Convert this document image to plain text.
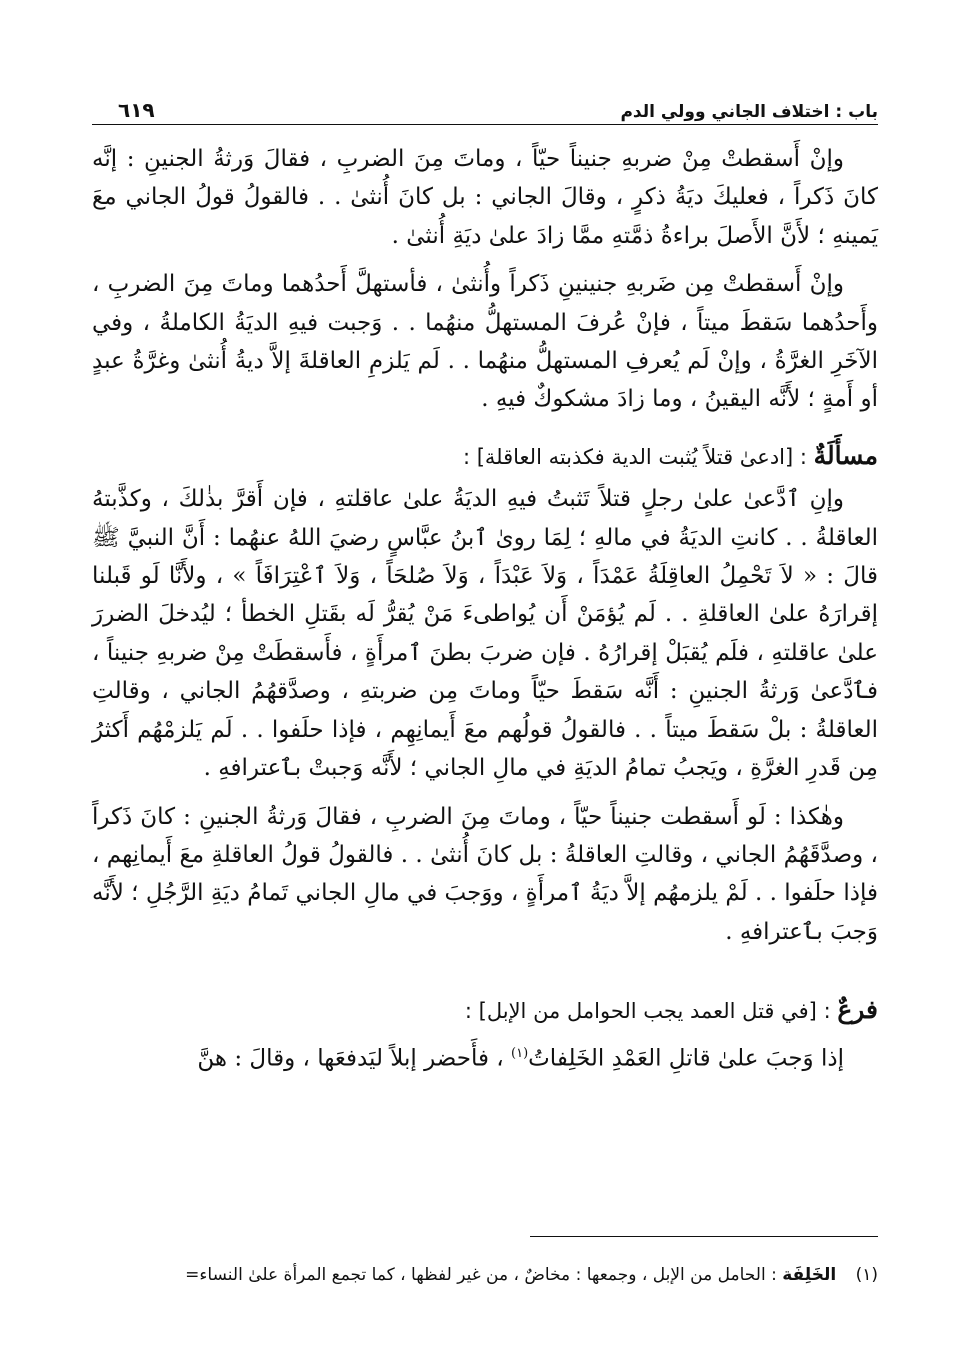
باب : اختلاف الجاني وولي الدم
٦١٩

وإنْ أَسقطتْ مِنْ ضربهِ جنيناً حيّاً ، وماتَ مِنَ الضربِ ، فقالَ وَرثةُ الجنينِ : إنَّه كانَ ذَكراً ، فعليكَ ديَةُ ذكرٍ ، وقالَ الجاني : بل كانَ أُنثىٰ . . فالقولُ قولُ الجاني معَ يَمينهِ ؛ لأَنَّ الأَصلَ براءةُ ذمَّتهِ ممَّا زادَ علىٰ ديَةِ أُنثىٰ .

وإنْ أَسقطتْ مِن ضَربهِ جنينينِ ذَكراً وأُنثىٰ ، فأستهلَّ أَحدُهما وماتَ مِنَ الضربِ ، وأَحدُهما سَقطَ ميتاً ، فإنْ عُرفَ المستهلُّ منهُما . . وَجبت فيهِ الديَةُ الكاملةُ ، وفي الآخَرِ الغرَّةُ ، وإنْ لَم يُعرفِ المستهلُّ منهُما . . لَم يَلزمِ العاقلةَ إلاَّ ديةُ أُنثىٰ وغرَّةُ عبدٍ أو أَمةٍ ؛ لأَنَّه اليقينُ ، وما زادَ مشكوكٌ فيهِ .

مسأَلَةٌ : [ادعىٰ قتلاً يُثبت الدية فكذبته العاقلة] :

وإنِ ٱدَّعىٰ علىٰ رجلٍ قتلاً تَثبتُ فيهِ الديَةُ علىٰ عاقلتهِ ، فإن أَقرَّ بذٰلكَ ، وكذَّبتهُ العاقلةُ . . كانتِ الديَةُ في مالهِ ؛ لِمَا روىٰ ٱبنُ عبَّاسٍ رضيَ اللهُ عنهُما : أَنَّ النبيَّ ﷺ قالَ : « لاَ تَحْمِلُ العاقِلَةُ عَمْدَاً ، وَلاَ عَبْدَاً ، وَلاَ صُلحَاً ، وَلاَ ٱعْتِرَافَاً » ، ولأَنَّا لَو قَبلنا إقرارَهُ علىٰ العاقلةِ . . لَم يُؤمَنْ أَن يُواطىءَ مَنْ يُقرُّ لَه بقَتلِ الخطأ ؛ ليُدخلَ الضررَ علىٰ عاقلتهِ ، فلَم يُقبَلْ إقرارُهُ . فإن ضربَ بطنَ ٱمرأَةٍ ، فأَسقطَتْ مِنْ ضربهِ جنيناً ، فٱدَّعىٰ وَرثةُ الجنينِ : أَنَّه سَقطَ حيّاً وماتَ مِن ضربتهِ ، وصدَّقهُمُ الجاني ، وقالتِ العاقلةُ : بلْ سَقطَ ميتاً . . فالقولُ قولُهم معَ أَيمانِهِم ، فإذا حلَفوا . . لَم يَلزمْهُم أَكثرُ مِن قَدرِ الغرَّةِ ، ويَجبُ تمامُ الديَةِ في مالِ الجاني ؛ لأَنَّه وَجبتْ بٱعترافهِ .

وهٰكذا : لَو أَسقطت جنيناً حيّاً ، وماتَ مِنَ الضربِ ، فقالَ وَرثةُ الجنينِ : كانَ ذَكراً ، وصدَّقَهُمُ الجاني ، وقالتِ العاقلةُ : بل كانَ أُنثىٰ . . فالقولُ قولُ العاقلةِ معَ أَيمانِهم ، فإذا حلَفوا . . لَمْ يلزمهُم إلاَّ ديَةُ ٱمرأَةٍ ، ووَجبَ في مالِ الجاني تَمامُ ديَةِ الرَّجُلِ ؛ لأَنَّه وَجبَ بٱعترافهِ .

فرعٌ : [في قتل العمد يجب الحوامل من الإبل] :

إذا وَجبَ علىٰ قاتلِ العَمْدِ الخَلِفاتُ$^{(١)}$ ، فأَحضر إبلاً ليَدفعَها ، وقالَ : هنَّ

(١) الخَلِفَة : الحامل من الإبل ، وجمعها : مخاضٌ ، من غير لفظها ، كما تجمع المرأة علىٰ النساء=
